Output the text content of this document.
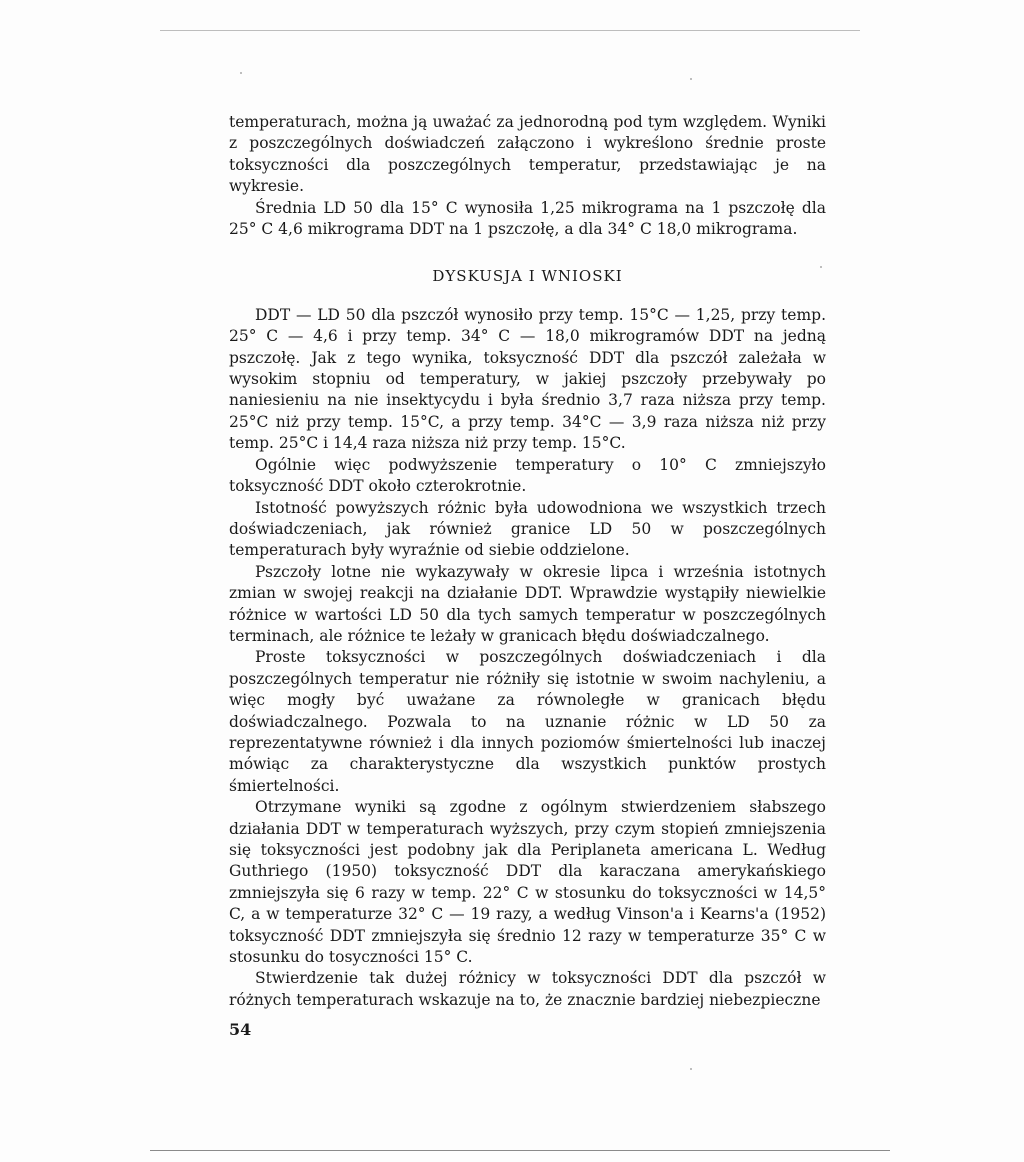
temperaturach, można ją uważać za jednorodną pod tym względem. Wyniki z poszczególnych doświadczeń załączono i wykreślono średnie proste toksyczności dla poszczególnych temperatur, przedstawiając je na wykresie.

Średnia LD 50 dla 15° C wynosiła 1,25 mikrograma na 1 pszczołę dla 25° C 4,6 mikrograma DDT na 1 pszczołę, a dla 34° C 18,0 mikrograma.

DYSKUSJA I WNIOSKI

DDT — LD 50 dla pszczół wynosiło przy temp. 15°C — 1,25, przy temp. 25° C — 4,6 i przy temp. 34° C — 18,0 mikrogramów DDT na jedną pszczołę. Jak z tego wynika, toksyczność DDT dla pszczół zależała w wysokim stopniu od temperatury, w jakiej pszczoły przebywały po naniesieniu na nie insektycydu i była średnio 3,7 raza niższa przy temp. 25°C niż przy temp. 15°C, a przy temp. 34°C — 3,9 raza niższa niż przy temp. 25°C i 14,4 raza niższa niż przy temp. 15°C.

Ogólnie więc podwyższenie temperatury o 10° C zmniejszyło toksyczność DDT około czterokrotnie.

Istotność powyższych różnic była udowodniona we wszystkich trzech doświadczeniach, jak również granice LD 50 w poszczególnych temperaturach były wyraźnie od siebie oddzielone.

Pszczoły lotne nie wykazywały w okresie lipca i września istotnych zmian w swojej reakcji na działanie DDT. Wprawdzie wystąpiły niewielkie różnice w wartości LD 50 dla tych samych temperatur w poszczególnych terminach, ale różnice te leżały w granicach błędu doświadczalnego.

Proste toksyczności w poszczególnych doświadczeniach i dla poszczególnych temperatur nie różniły się istotnie w swoim nachyleniu, a więc mogły być uważane za równoległe w granicach błędu doświadczalnego. Pozwala to na uznanie różnic w LD 50 za reprezentatywne również i dla innych poziomów śmiertelności lub inaczej mówiąc za charakterystyczne dla wszystkich punktów prostych śmiertelności.

Otrzymane wyniki są zgodne z ogólnym stwierdzeniem słabszego działania DDT w temperaturach wyższych, przy czym stopień zmniejszenia się toksyczności jest podobny jak dla Periplaneta americana L. Według Guthriego (1950) toksyczność DDT dla karaczana amerykańskiego zmniejszyła się 6 razy w temp. 22° C w stosunku do toksyczności w 14,5° C, a w temperaturze 32° C — 19 razy, a według Vinson'a i Kearns'a (1952) toksyczność DDT zmniejszyła się średnio 12 razy w temperaturze 35° C w stosunku do tosyczności 15° C.

Stwierdzenie tak dużej różnicy w toksyczności DDT dla pszczół w różnych temperaturach wskazuje na to, że znacznie bardziej niebezpieczne

54
